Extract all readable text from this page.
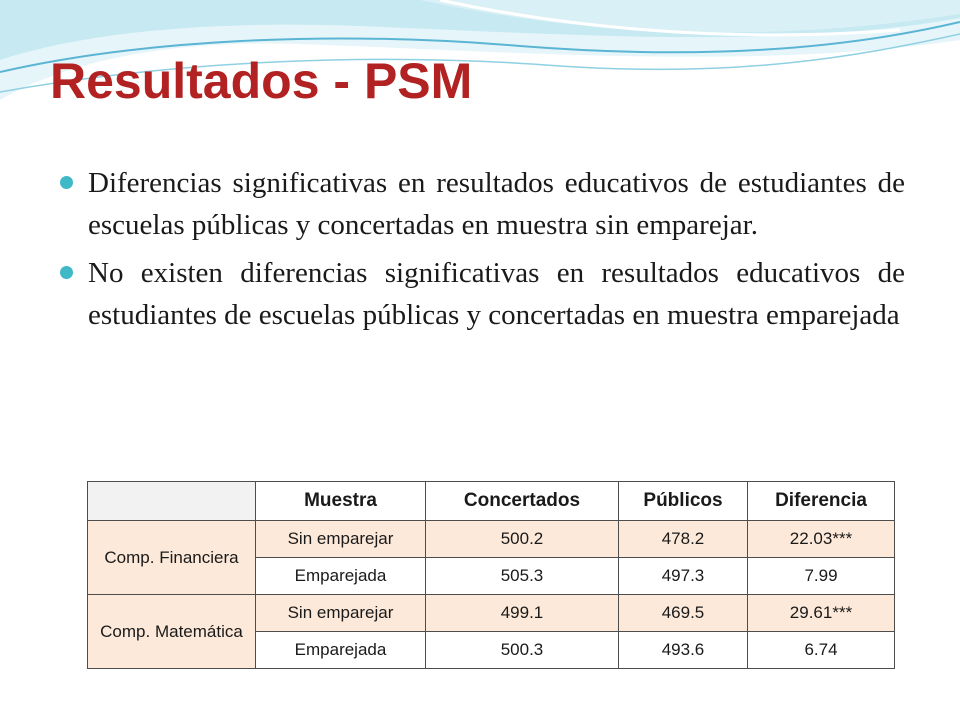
Resultados - PSM
Diferencias significativas en resultados educativos de estudiantes de escuelas públicas y concertadas en muestra sin emparejar.
No existen diferencias significativas en resultados educativos de estudiantes de escuelas públicas y concertadas en muestra emparejada
	Muestra	Concertados	Públicos	Diferencia
Comp. Financiera	Sin emparejar	500.2	478.2	22.03***
	Emparejada	505.3	497.3	7.99
Comp. Matemática	Sin emparejar	499.1	469.5	29.61***
	Emparejada	500.3	493.6	6.74
